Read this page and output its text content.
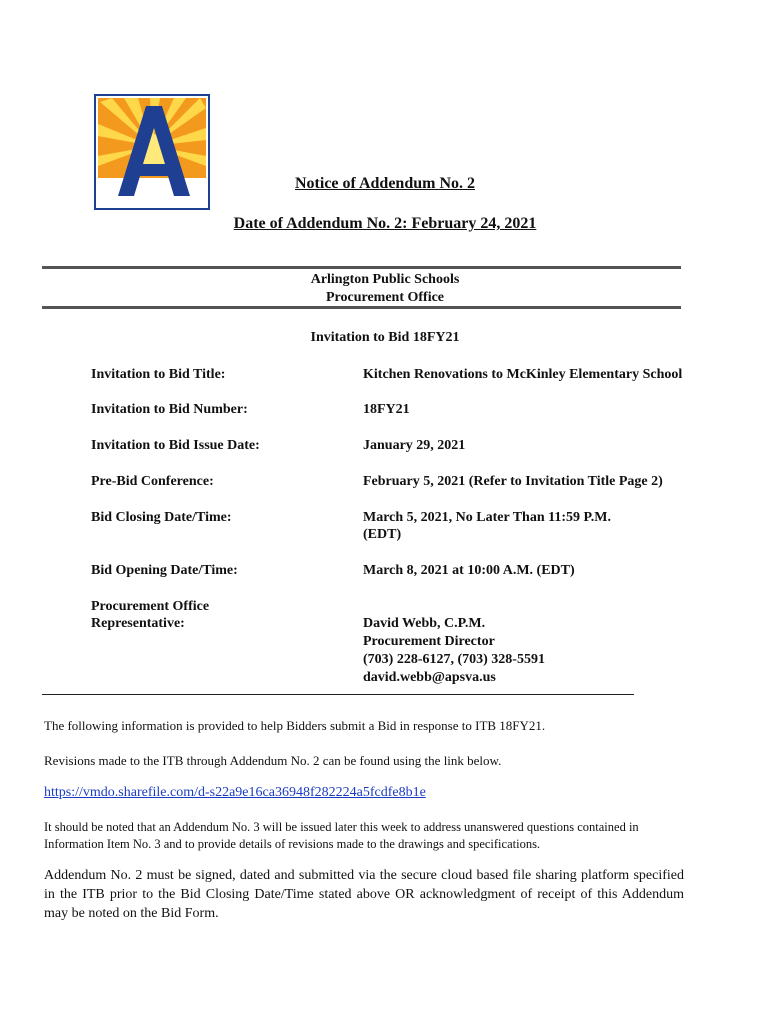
Notice of Addendum No. 2
Date of Addendum No. 2: February 24, 2021
Arlington Public Schools
Procurement Office
Invitation to Bid 18FY21
Invitation to Bid Title:	Kitchen Renovations to McKinley Elementary School
Invitation to Bid Number:	18FY21
Invitation to Bid Issue Date:	January 29, 2021
Pre-Bid Conference:	February 5, 2021 (Refer to Invitation Title Page 2)
Bid Closing Date/Time:	March 5, 2021, No Later Than 11:59 P.M.
(EDT)
Bid Opening Date/Time:	March 8, 2021 at 10:00 A.M. (EDT)
Procurement Office
Representative:	David Webb, C.P.M.
Procurement Director
(703) 228-6127, (703) 328-5591
david.webb@apsva.us
The following information is provided to help Bidders submit a Bid in response to ITB 18FY21.
Revisions made to the ITB through Addendum No. 2 can be found using the link below.
https://vmdo.sharefile.com/d-s22a9e16ca36948f282224a5fcdfe8b1e
It should be noted that an Addendum No. 3 will be issued later this week to address unanswered questions contained in Information Item No. 3 and to provide details of revisions made to the drawings and specifications.
Addendum No. 2 must be signed, dated and submitted via the secure cloud based file sharing platform specified in the ITB prior to the Bid Closing Date/Time stated above OR acknowledgment of receipt of this Addendum may be noted on the Bid Form.
